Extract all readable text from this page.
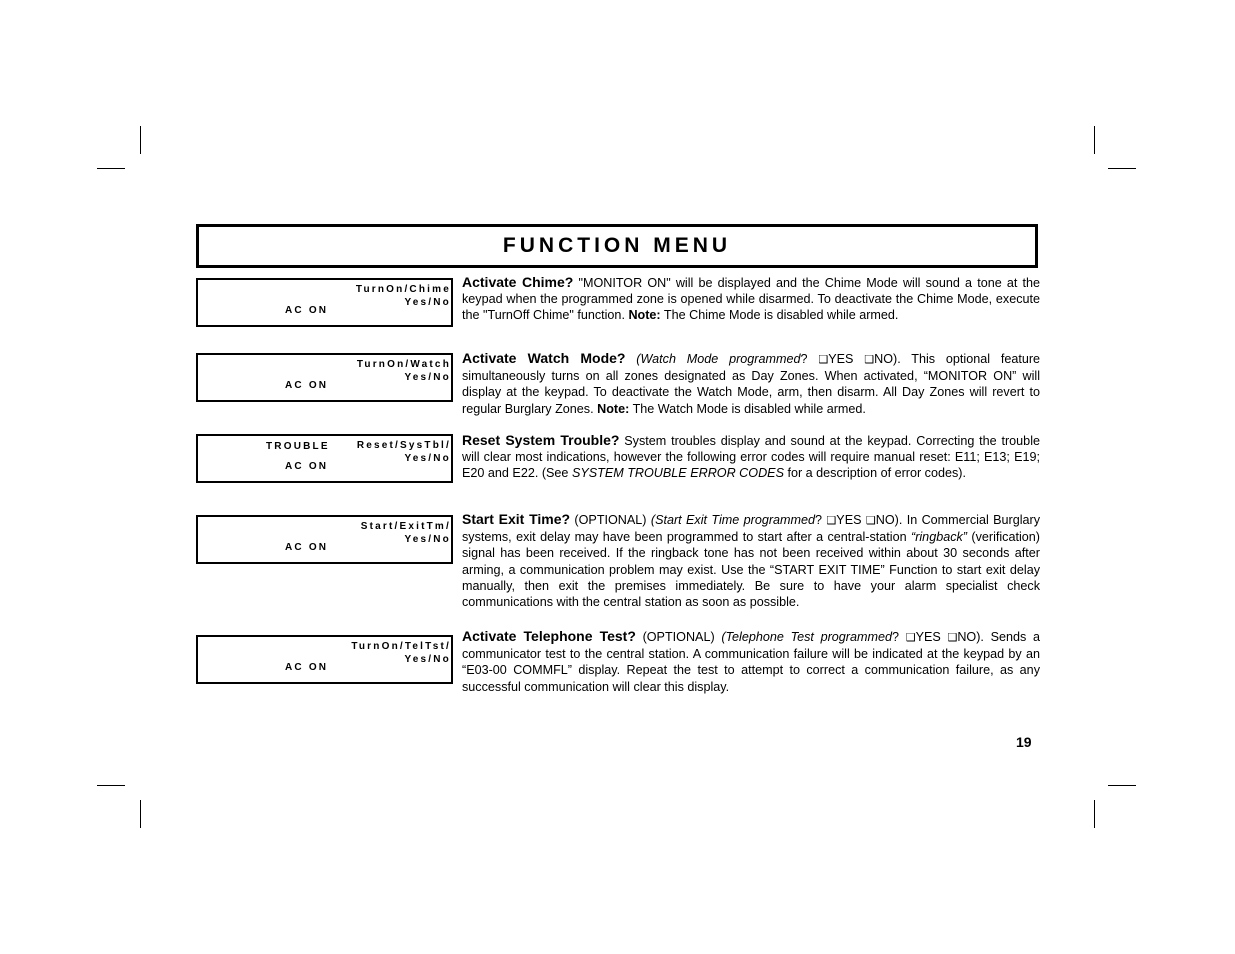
FUNCTION MENU
TurnOn/Chime
Yes/No
AC ON
TurnOn/Watch
Yes/No
AC ON
Reset/SysTbl/
Yes/No
TROUBLE
AC ON
Start/ExitTm/
Yes/No
AC ON
TurnOn/TelTst/
Yes/No
AC ON
Activate Chime? "MONITOR ON" will be displayed and the Chime Mode will sound a tone at the keypad when the programmed zone is opened while disarmed. To deactivate the Chime Mode, execute the "TurnOff Chime" function. Note: The Chime Mode is disabled while armed.
Activate Watch Mode? (Watch Mode programmed? ❑YES ❑NO). This optional feature simultaneously turns on all zones designated as Day Zones. When activated, “MONITOR ON” will display at the keypad. To deactivate the Watch Mode, arm, then disarm. All Day Zones will revert to regular Burglary Zones. Note: The Watch Mode is disabled while armed.
Reset System Trouble? System troubles display and sound at the keypad. Correcting the trouble will clear most indications, however the following error codes will require manual reset: E11; E13; E19; E20 and E22. (See SYSTEM TROUBLE ERROR CODES for a description of error codes).
Start Exit Time? (OPTIONAL) (Start Exit Time programmed? ❑YES ❑NO). In Commercial Burglary systems, exit delay may have been programmed to start after a central-station “ringback” (verification) signal has been received. If the ringback tone has not been received within about 30 seconds after arming, a communication problem may exist. Use the “START EXIT TIME” Function to start exit delay manually, then exit the premises immediately. Be sure to have your alarm specialist check communications with the central station as soon as possible.
Activate Telephone Test? (OPTIONAL) (Telephone Test programmed? ❑YES ❑NO). Sends a communicator test to the central station. A communication failure will be indicated at the keypad by an “E03-00 COMMFL” display. Repeat the test to attempt to correct a communication failure, as any successful communication will clear this display.
19
